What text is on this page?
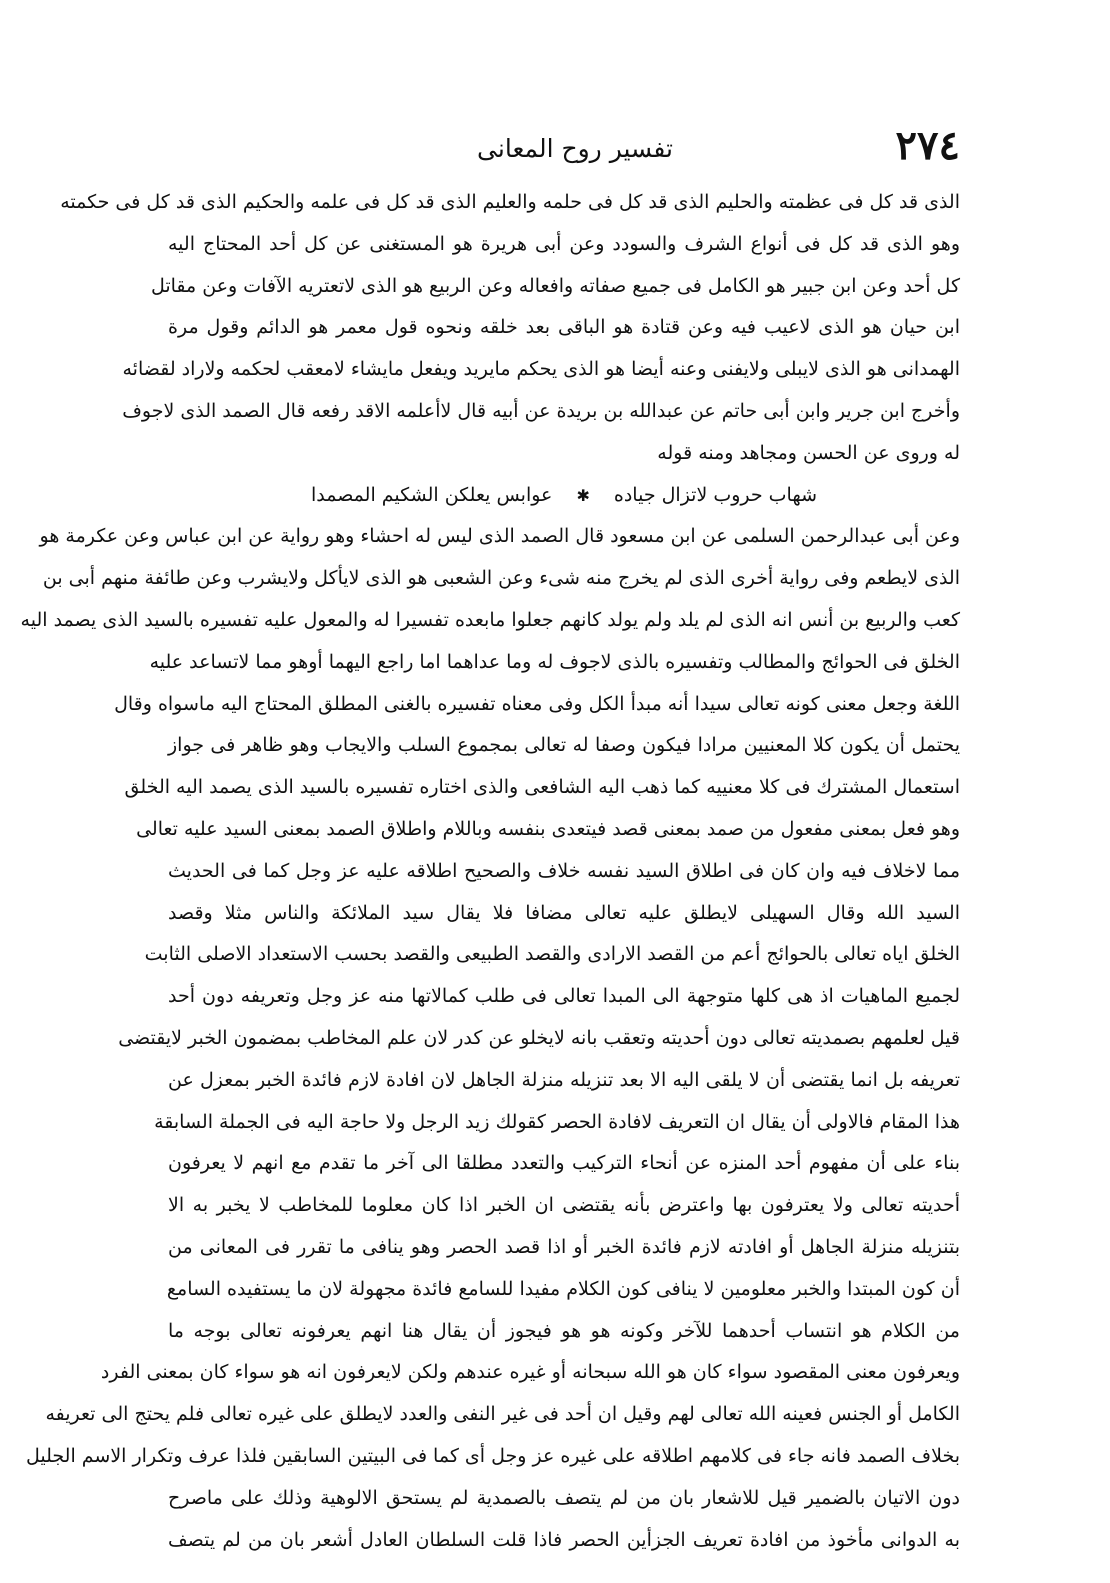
٢٧٤
تفسير روح المعانى
الذى قد كل فى عظمته والحليم الذى قد كل فى حلمه والعليم الذى قد كل فى علمه والحكيم الذى قد كل فى حكمته
وهو الذى قد كل فى أنواع الشرف والسودد وعن أبى هريرة هو المستغنى عن كل أحد المحتاج اليه
كل أحد وعن ابن جبير هو الكامل فى جميع صفاته وافعاله وعن الربيع هو الذى لاتعتريه الآفات وعن مقاتل
ابن حيان هو الذى لاعيب فيه وعن قتادة هو الباقى بعد خلقه ونحوه قول معمر هو الدائم وقول مرة
الهمدانى هو الذى لايبلى ولايفنى وعنه أيضا هو الذى يحكم مايريد ويفعل مايشاء لامعقب لحكمه ولاراد لقضائه
وأخرج ابن جرير وابن أبى حاتم عن عبدالله بن بريدة عن أبيه قال لاأعلمه الاقد رفعه قال الصمد الذى لاجوف
له وروى عن الحسن ومجاهد ومنه قوله
شهاب حروب لاتزال جياده ✱ عوابس يعلكن الشكيم المصمدا
وعن أبى عبدالرحمن السلمى عن ابن مسعود قال الصمد الذى ليس له احشاء وهو رواية عن ابن عباس وعن عكرمة هو
الذى لايطعم وفى رواية أخرى الذى لم يخرج منه شىء وعن الشعبى هو الذى لايأكل ولايشرب وعن طائفة منهم أبى بن
كعب والربيع بن أنس انه الذى لم يلد ولم يولد كانهم جعلوا مابعده تفسيرا له والمعول عليه تفسيره بالسيد الذى يصمد اليه
الخلق فى الحوائج والمطالب وتفسيره بالذى لاجوف له وما عداهما اما راجع اليهما أوهو مما لاتساعد عليه
اللغة وجعل معنى كونه تعالى سيدا أنه مبدأ الكل وفى معناه تفسيره بالغنى المطلق المحتاج اليه ماسواه وقال
يحتمل أن يكون كلا المعنيين مرادا فيكون وصفا له تعالى بمجموع السلب والايجاب وهو ظاهر فى جواز
استعمال المشترك فى كلا معنييه كما ذهب اليه الشافعى والذى اختاره تفسيره بالسيد الذى يصمد اليه الخلق
وهو فعل بمعنى مفعول من صمد بمعنى قصد فيتعدى بنفسه وباللام واطلاق الصمد بمعنى السيد عليه تعالى
مما لاخلاف فيه وان كان فى اطلاق السيد نفسه خلاف والصحيح اطلاقه عليه عز وجل كما فى الحديث
السيد الله وقال السهيلى لايطلق عليه تعالى مضافا فلا يقال سيد الملائكة والناس مثلا وقصد
الخلق اياه تعالى بالحوائج أعم من القصد الارادى والقصد الطبيعى والقصد بحسب الاستعداد الاصلى الثابت
لجميع الماهيات اذ هى كلها متوجهة الى المبدا تعالى فى طلب كمالاتها منه عز وجل وتعريفه دون أحد
قيل لعلمهم بصمديته تعالى دون أحديته وتعقب بانه لايخلو عن كدر لان علم المخاطب بمضمون الخبر لايقتضى
تعريفه بل انما يقتضى أن لا يلقى اليه الا بعد تنزيله منزلة الجاهل لان افادة لازم فائدة الخبر بمعزل عن
هذا المقام فالاولى أن يقال ان التعريف لافادة الحصر كقولك زيد الرجل ولا حاجة اليه فى الجملة السابقة
بناء على أن مفهوم أحد المنزه عن أنحاء التركيب والتعدد مطلقا الى آخر ما تقدم مع انهم لا يعرفون
أحديته تعالى ولا يعترفون بها واعترض بأنه يقتضى ان الخبر اذا كان معلوما للمخاطب لا يخبر به الا
بتنزيله منزلة الجاهل أو افادته لازم فائدة الخبر أو اذا قصد الحصر وهو ينافى ما تقرر فى المعانى من
أن كون المبتدا والخبر معلومين لا ينافى كون الكلام مفيدا للسامع فائدة مجهولة لان ما يستفيده السامع
من الكلام هو انتساب أحدهما للآخر وكونه هو هو فيجوز أن يقال هنا انهم يعرفونه تعالى بوجه ما
ويعرفون معنى المقصود سواء كان هو الله سبحانه أو غيره عندهم ولكن لايعرفون انه هو سواء كان بمعنى الفرد
الكامل أو الجنس فعينه الله تعالى لهم وقيل ان أحد فى غير النفى والعدد لايطلق على غيره تعالى فلم يحتج الى تعريفه
بخلاف الصمد فانه جاء فى كلامهم اطلاقه على غيره عز وجل أى كما فى البيتين السابقين فلذا عرف وتكرار الاسم الجليل
دون الاتيان بالضمير قيل للاشعار بان من لم يتصف بالصمدية لم يستحق الالوهية وذلك على ماصرح
به الدوانى مأخوذ من افادة تعريف الجزأين الحصر فاذا قلت السلطان العادل أشعر بان من لم يتصف
